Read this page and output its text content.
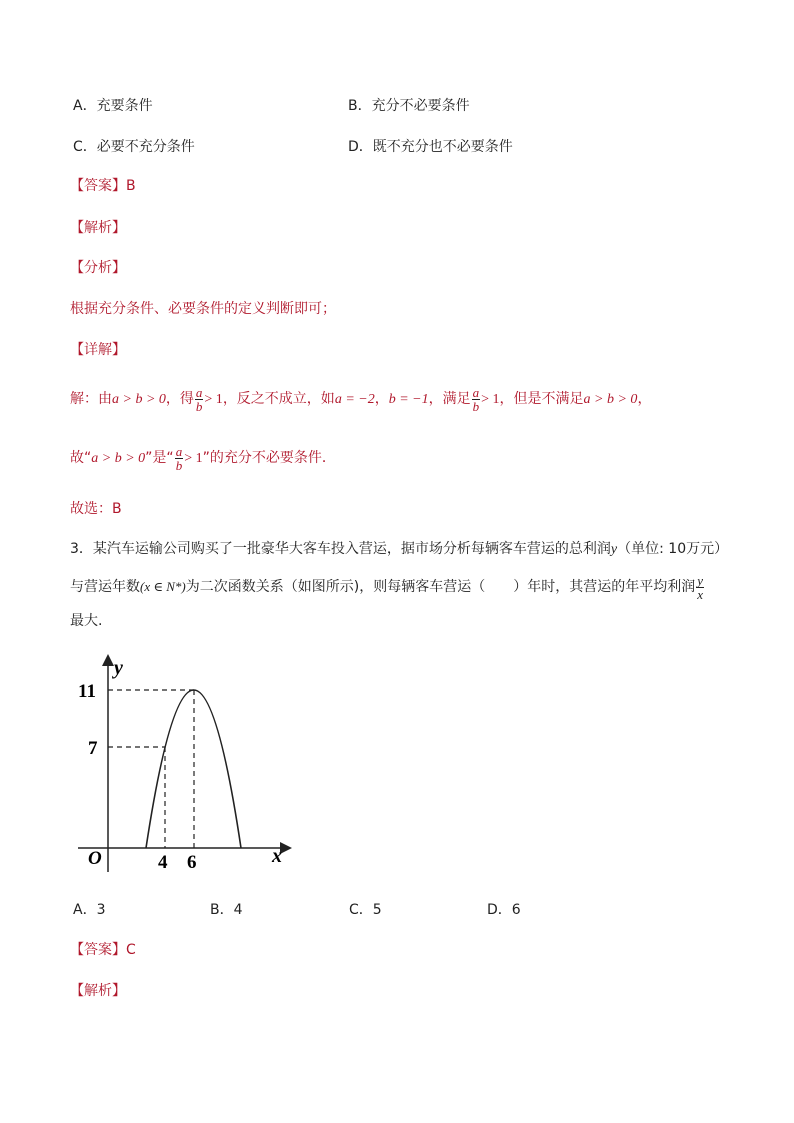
A．充要条件	B．充分不必要条件
C．必要不充分条件	D．既不充分也不必要条件
【答案】B
【解析】
【分析】
根据充分条件、必要条件的定义判断即可；
【详解】
解：由a > b > 0，得 $\frac{a}{b} > 1$，反之不成立，如a = −2，b = −1，满足 $\frac{a}{b} > 1$，但是不满足a > b > 0，
故“a > b > 0”是“ $\frac{a}{b} > 1$”的充分不必要条件．
故选：B
3．某汽车运输公司购买了一批豪华大客车投入营运，据市场分析每辆客车营运的总利润y（单位: 10万元）
与营运年数(x ∈ N*)为二次函数关系（如图所示)，则每辆客车营运（　　）年时，其营运的年平均利润 $\frac{y}{x}$
最大.
y
x
O
11
7
4 6
A．3	B．4	C．5	D．6
【答案】C
【解析】
